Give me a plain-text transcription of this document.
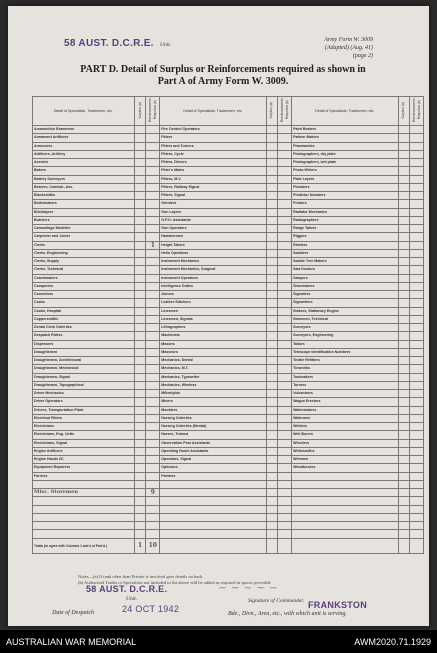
58 AUST. D.C.R.E. Unit.
Army Form W. 3009
(Adapted) (Aug. 41)
(page 2)
PART D. Detail of Surplus or Reinforcements required as shown in
Part A of Army Form W. 3009.
Detail of Specialists, Tradesmen, etc.	Surplus (a)	Reinforcements Required (b)	Detail of Specialists, Tradesmen, etc.	Surplus (a)	Reinforcements Required (b)	Detail of Specialists, Tradesmen, etc.	Surplus (a)	Reinforcements Required (b)
Ammunition Examiners			Fire Control Operators			Paint Beaters		
Armament Artificers			Fitters			Pattern Makers		
Armourers			Fitters and Turners			Pharmacists		
Artificers, Artillery			Fitters, Cycle			Photographers, dry plate		
Axemen			Fitters, Drivers			Photographers, wet plate		
Bakers			Fitter's Mates			Photo-Writers		
Battery Surveyors			Fitters, M.V.			Plate Layers		
Bearers, Combat., Ass.			Fitters, Railway Signal			Plumbers		
Blacksmiths			Fitters, Signal			Predictor Numbers		
Boilermakers			Grinders			Printers		
Bricklayers			Gun Layers			Radiator Mechanics		
Butchers			G.P.O. Assistants			Radiographers		
Camouflage Modeller			Gun Operators			Range Takers		
Carpenter and Joiner			Hammermen			Riggers		
Clerks		1	Height Takers			Riveters		
Clerks, Engineering			Helio Operators			Saddlers		
Clerks, Supply			Instrument Mechanics			Saddle Tree Makers		
Clerks, Technical			Instrument Mechanics, Surgical			Saw Doctors		
Coachmakers			Instrument Operators			Sawyers		
Computers			Intelligence Duties			Shoemakers		
Concretors			Joiners			Signallers		
Cooks			Leather Stitchers			Signwriters		
Cooks, Hospital			Linesmen			Stokers, Stationary Engine		
Coppersmiths			Linesmen, Signals			Storemen, Technical		
Dental Clerk Orderlies			Lithographers			Surveyors		
Despatch Riders			Machinists			Surveyors, Engineering		
Dispensers			Masons			Tailors		
Draughtsmen			Masseurs			Telescope Identification Numbers		
Draughtsmen, Architectural			Mechanics, Dental			Textile Refitters		
Draughtsmen, Mechanical			Mechanics, M.T.			Tinsmiths		
Draughtsmen, Signal			Mechanics, Typewriter			Toolmakers		
Draughtsmen, Topographical			Mechanics, Wireless			Turners		
Driver Mechanics			Millwrights			Vulcanizers		
Driver Operators			Miners			Wagon Erectors		
Drivers, Transportation Plant			Moulders			Watchmakers		
Electrical Fitters			Nursing Orderlies			Watermen		
Electricians			Nursing Orderlies (Mental)			Welders		
Electricians, Eng. Units			Nurses, Trained			Well Borers		
Electricians, Signal			Observation Post Assistants			Wheelers		
Engine Artificers			Operating Room Assistants			Whitesmiths		
Engine Hands I/C			Operators, Signal			Wiremen		
Equipment Repairers			Opticians			Woodturners		
Farriers			Painters					

Misc. Storemen		9						

Totals (to agree with Columns 1 and 4 of Part A.)	1	10						
Notes—(a) If rank other than Private is involved give details on back.
(b) Authorised Trades or Specialists not included in list above will be added as required in spaces provided.
58 AUST. D.C.R.E.
Unit.
~ ~ ~ ~ ~
Signature of Commander.
Date of Despatch	24 OCT 1942	FRANKSTON
Bde., Divn., Area, etc., with which unit is serving.
AUSTRALIAN WAR MEMORIAL	AWM2020.71.1929
